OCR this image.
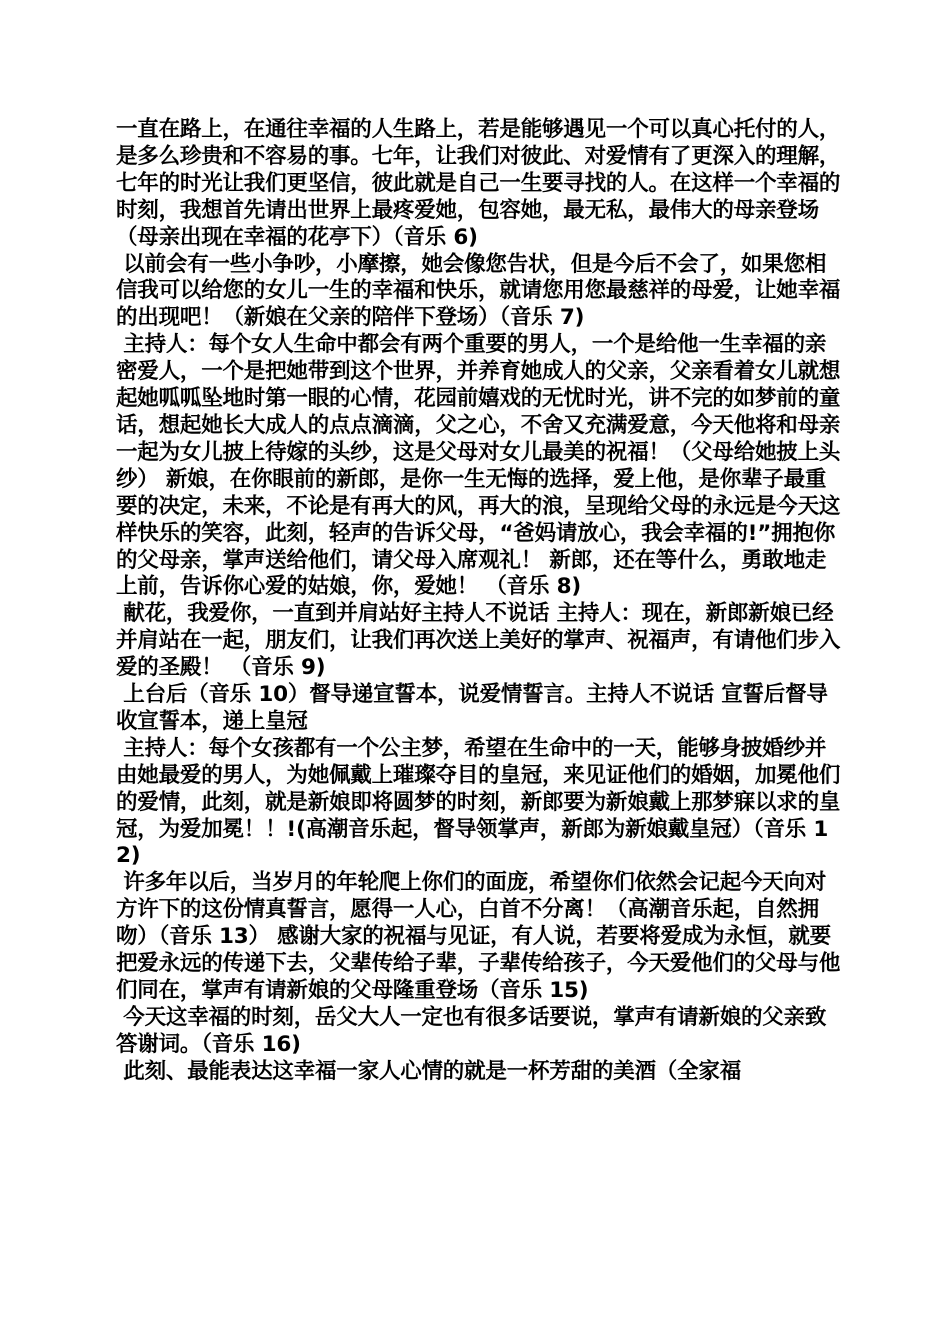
一直在路上，在通往幸福的人生路上，若是能够遇见一个可以真心托付的人，是多么珍贵和不容易的事。七年，让我们对彼此、对爱情有了更深入的理解，七年的时光让我们更坚信，彼此就是自己一生要寻找的人。在这样一个幸福的时刻，我想首先请出世界上最疼爱她，包容她，最无私，最伟大的母亲登场（母亲出现在幸福的花亭下）（音乐 6)

以前会有一些小争吵，小摩擦，她会像您告状，但是今后不会了，如果您相信我可以给您的女儿一生的幸福和快乐，就请您用您最慈祥的母爱，让她幸福的出现吧！（新娘在父亲的陪伴下登场）（音乐 7)

主持人：每个女人生命中都会有两个重要的男人，一个是给他一生幸福的亲密爱人，一个是把她带到这个世界，并养育她成人的父亲，父亲看着女儿就想起她呱呱坠地时第一眼的心情，花园前嬉戏的无忧时光，讲不完的如梦前的童话，想起她长大成人的点点滴滴，父之心，不舍又充满爱意，今天他将和母亲一起为女儿披上待嫁的头纱，这是父母对女儿最美的祝福！（父母给她披上头纱） 新娘，在你眼前的新郎，是你一生无悔的选择，爱上他，是你辈子最重要的决定，未来，不论是有再大的风，再大的浪，呈现给父母的永远是今天这样快乐的笑容，此刻，轻声的告诉父母，“爸妈请放心，我会幸福的!”拥抱你的父母亲，掌声送给他们，请父母入席观礼！ 新郎，还在等什么，勇敢地走上前，告诉你心爱的姑娘，你，爱她！ （音乐 8)

献花，我爱你，一直到并肩站好主持人不说话 主持人：现在，新郎新娘已经并肩站在一起，朋友们，让我们再次送上美好的掌声、祝福声，有请他们步入爱的圣殿！ （音乐 9)

上台后（音乐 10）督导递宣誓本，说爱情誓言。主持人不说话 宣誓后督导收宣誓本，递上皇冠

主持人：每个女孩都有一个公主梦，希望在生命中的一天，能够身披婚纱并由她最爱的男人，为她佩戴上璀璨夺目的皇冠，来见证他们的婚姻，加冕他们的爱情，此刻，就是新娘即将圆梦的时刻，新郎要为新娘戴上那梦寐以求的皇冠，为爱加冕！！!(高潮音乐起，督导领掌声，新郎为新娘戴皇冠）（音乐 12)

许多年以后，当岁月的年轮爬上你们的面庞，希望你们依然会记起今天向对方许下的这份情真誓言，愿得一人心，白首不分离！（高潮音乐起，自然拥吻）（音乐 13） 感谢大家的祝福与见证，有人说，若要将爱成为永恒，就要把爱永远的传递下去，父辈传给子辈，子辈传给孩子，今天爱他们的父母与他们同在，掌声有请新娘的父母隆重登场（音乐 15)

今天这幸福的时刻，岳父大人一定也有很多话要说，掌声有请新娘的父亲致答谢词。（音乐 16)

此刻、最能表达这幸福一家人心情的就是一杯芳甜的美酒（全家福
